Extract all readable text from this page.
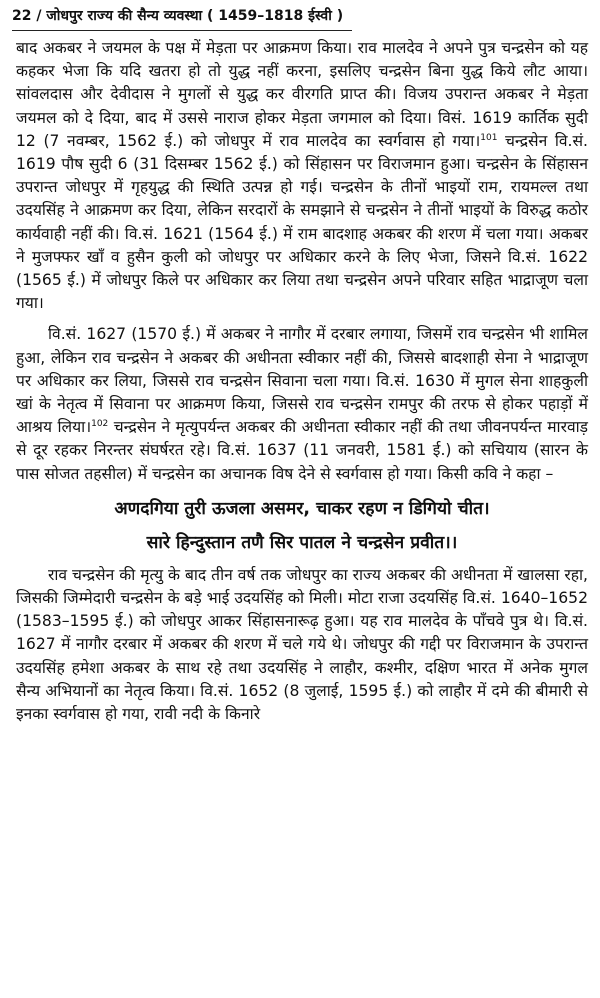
22 / जोधपुर राज्य की सैन्य व्यवस्था ( 1459–1818 ईस्वी )

बाद अकबर ने जयमल के पक्ष में मेड़ता पर आक्रमण किया। राव मालदेव ने अपने पुत्र चन्द्रसेन को यह कहकर भेजा कि यदि खतरा हो तो युद्ध नहीं करना, इसलिए चन्द्रसेन बिना युद्ध किये लौट आया। सांवलदास और देवीदास ने मुगलों से युद्ध कर वीरगति प्राप्त की। विजय उपरान्त अकबर ने मेड़ता जयमल को दे दिया, बाद में उससे नाराज होकर मेड़ता जगमाल को दिया। विसं. 1619 कार्तिक सुदी 12 (7 नवम्बर, 1562 ई.) को जोधपुर में राव मालदेव का स्वर्गवास हो गया।$^{101}$ चन्द्रसेन वि.सं. 1619 पौष सुदी 6 (31 दिसम्बर 1562 ई.) को सिंहासन पर विराजमान हुआ। चन्द्रसेन के सिंहासन उपरान्त जोधपुर में गृहयुद्ध की स्थिति उत्पन्न हो गई। चन्द्रसेन के तीनों भाइयों राम, रायमल्ल तथा उदयसिंह ने आक्रमण कर दिया, लेकिन सरदारों के समझाने से चन्द्रसेन ने तीनों भाइयों के विरुद्ध कठोर कार्यवाही नहीं की। वि.सं. 1621 (1564 ई.) में राम बादशाह अकबर की शरण में चला गया। अकबर ने मुजफ्फर खाँ व हुसैन कुली को जोधपुर पर अधिकार करने के लिए भेजा, जिसने वि.सं. 1622 (1565 ई.) में जोधपुर किले पर अधिकार कर लिया तथा चन्द्रसेन अपने परिवार सहित भाद्राजूण चला गया।

वि.सं. 1627 (1570 ई.) में अकबर ने नागौर में दरबार लगाया, जिसमें राव चन्द्रसेन भी शामिल हुआ, लेकिन राव चन्द्रसेन ने अकबर की अधीनता स्वीकार नहीं की, जिससे बादशाही सेना ने भाद्राजूण पर अधिकार कर लिया, जिससे राव चन्द्रसेन सिवाना चला गया। वि.सं. 1630 में मुगल सेना शाहकुली खां के नेतृत्व में सिवाना पर आक्रमण किया, जिससे राव चन्द्रसेन रामपुर की तरफ से होकर पहाड़ों में आश्रय लिया।$^{102}$ चन्द्रसेन ने मृत्युपर्यन्त अकबर की अधीनता स्वीकार नहीं की तथा जीवनपर्यन्त मारवाड़ से दूर रहकर निरन्तर संघर्षरत रहे। वि.सं. 1637 (11 जनवरी, 1581 ई.) को सचियाय (सारन के पास सोजत तहसील) में चन्द्रसेन का अचानक विष देने से स्वर्गवास हो गया। किसी कवि ने कहा –

अणदगिया तुरी ऊजला असमर, चाकर रहण न डिगियो चीत।
सारे हिन्दुस्तान तणै सिर पातल ने चन्द्रसेन प्रवीत।।

राव चन्द्रसेन की मृत्यु के बाद तीन वर्ष तक जोधपुर का राज्य अकबर की अधीनता में खालसा रहा, जिसकी जिम्मेदारी चन्द्रसेन के बड़े भाई उदयसिंह को मिली। मोटा राजा उदयसिंह वि.सं. 1640–1652 (1583–1595 ई.) को जोधपुर आकर सिंहासनारूढ़ हुआ। यह राव मालदेव के पाँचवे पुत्र थे। वि.सं. 1627 में नागौर दरबार में अकबर की शरण में चले गये थे। जोधपुर की गद्दी पर विराजमान के उपरान्त उदयसिंह हमेशा अकबर के साथ रहे तथा उदयसिंह ने लाहौर, कश्मीर, दक्षिण भारत में अनेक मुगल सैन्य अभियानों का नेतृत्व किया। वि.सं. 1652 (8 जुलाई, 1595 ई.) को लाहौर में दमे की बीमारी से इनका स्वर्गवास हो गया, रावी नदी के किनारे
